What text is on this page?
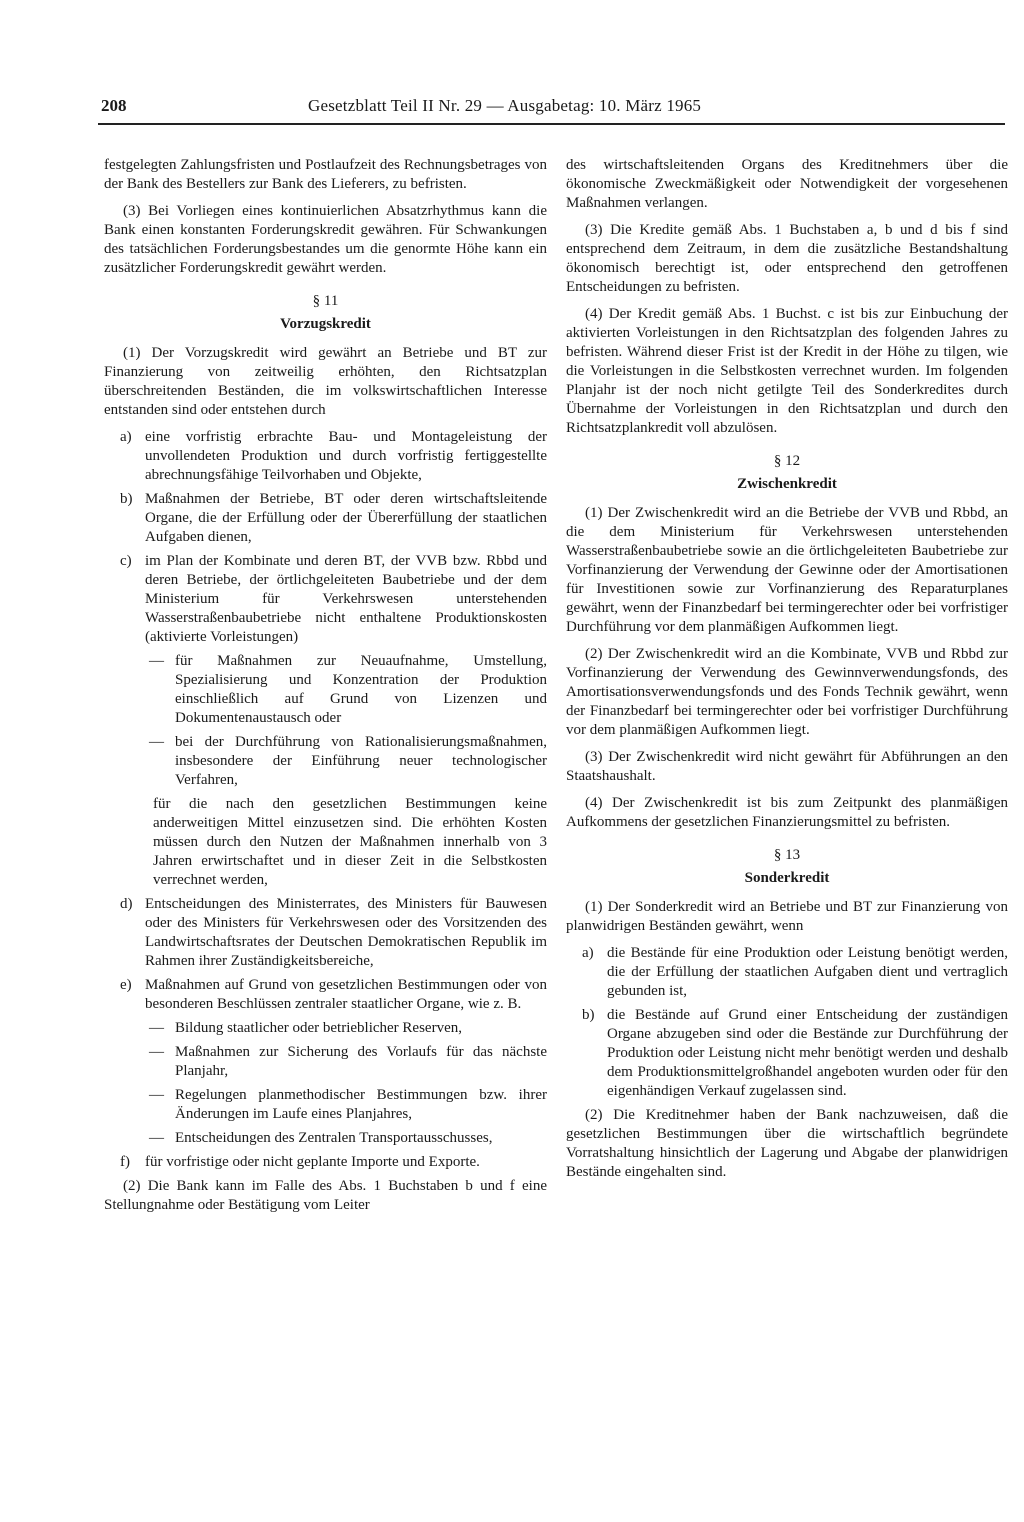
208	Gesetzblatt Teil II Nr. 29 — Ausgabetag: 10. März 1965

festgelegten Zahlungsfristen und Postlaufzeit des Rechnungsbetrages von der Bank des Bestellers zur Bank des Lieferers, zu befristen.

(3) Bei Vorliegen eines kontinuierlichen Absatzrhythmus kann die Bank einen konstanten Forderungskredit gewähren. Für Schwankungen des tatsächlichen Forderungsbestandes um die genormte Höhe kann ein zusätzlicher Forderungskredit gewährt werden.

§ 11
Vorzugskredit

(1) Der Vorzugskredit wird gewährt an Betriebe und BT zur Finanzierung von zeitweilig erhöhten, den Richtsatzplan überschreitenden Beständen, die im volkswirtschaftlichen Interesse entstanden sind oder entstehen durch

a) eine vorfristig erbrachte Bau- und Montageleistung der unvollendeten Produktion und durch vorfristig fertiggestellte abrechnungsfähige Teilvorhaben und Objekte,
b) Maßnahmen der Betriebe, BT oder deren wirtschaftsleitende Organe, die der Erfüllung oder der Übererfüllung der staatlichen Aufgaben dienen,
c) im Plan der Kombinate und deren BT, der VVB bzw. Rbbd und deren Betriebe, der örtlichgeleiteten Baubetriebe und der dem Ministerium für Verkehrswesen unterstehenden Wasserstraßenbaubetriebe nicht enthaltene Produktionskosten (aktivierte Vorleistungen)
— für Maßnahmen zur Neuaufnahme, Umstellung, Spezialisierung und Konzentration der Produktion einschließlich auf Grund von Lizenzen und Dokumentenaustausch oder
— bei der Durchführung von Rationalisierungsmaßnahmen, insbesondere der Einführung neuer technologischer Verfahren,
für die nach den gesetzlichen Bestimmungen keine anderweitigen Mittel einzusetzen sind. Die erhöhten Kosten müssen durch den Nutzen der Maßnahmen innerhalb von 3 Jahren erwirtschaftet und in dieser Zeit in die Selbstkosten verrechnet werden,
d) Entscheidungen des Ministerrates, des Ministers für Bauwesen oder des Ministers für Verkehrswesen oder des Vorsitzenden des Landwirtschaftsrates der Deutschen Demokratischen Republik im Rahmen ihrer Zuständigkeitsbereiche,
e) Maßnahmen auf Grund von gesetzlichen Bestimmungen oder von besonderen Beschlüssen zentraler staatlicher Organe, wie z. B.
— Bildung staatlicher oder betrieblicher Reserven,
— Maßnahmen zur Sicherung des Vorlaufs für das nächste Planjahr,
— Regelungen planmethodischer Bestimmungen bzw. ihrer Änderungen im Laufe eines Planjahres,
— Entscheidungen des Zentralen Transportausschusses,
f)	für vorfristige oder nicht geplante Importe und Exporte.

(2) Die Bank kann im Falle des Abs. 1 Buchstaben b und f eine Stellungnahme oder Bestätigung vom Leiter

des wirtschaftsleitenden Organs des Kreditnehmers über die ökonomische Zweckmäßigkeit oder Notwendigkeit der vorgesehenen Maßnahmen verlangen.

(3) Die Kredite gemäß Abs. 1 Buchstaben a, b und d bis f sind entsprechend dem Zeitraum, in dem die zusätzliche Bestandshaltung ökonomisch berechtigt ist, oder entsprechend den getroffenen Entscheidungen zu befristen.

(4) Der Kredit gemäß Abs. 1 Buchst. c ist bis zur Einbuchung der aktivierten Vorleistungen in den Richtsatzplan des folgenden Jahres zu befristen. Während dieser Frist ist der Kredit in der Höhe zu tilgen, wie die Vorleistungen in die Selbstkosten verrechnet wurden. Im folgenden Planjahr ist der noch nicht getilgte Teil des Sonderkredites durch Übernahme der Vorleistungen in den Richtsatzplan und durch den Richtsatzplankredit voll abzulösen.

§ 12
Zwischenkredit

(1) Der Zwischenkredit wird an die Betriebe der VVB und Rbbd, an die dem Ministerium für Verkehrswesen unterstehenden Wasserstraßenbaubetriebe sowie an die örtlichgeleiteten Baubetriebe zur Vorfinanzierung der Verwendung der Gewinne oder der Amortisationen für Investitionen sowie zur Vorfinanzierung des Reparaturplanes gewährt, wenn der Finanzbedarf bei termingerechter oder bei vorfristiger Durchführung vor dem planmäßigen Aufkommen liegt.

(2) Der Zwischenkredit wird an die Kombinate, VVB und Rbbd zur Vorfinanzierung der Verwendung des Gewinnverwendungsfonds, des Amortisationsverwendungsfonds und des Fonds Technik gewährt, wenn der Finanzbedarf bei termingerechter oder bei vorfristiger Durchführung vor dem planmäßigen Aufkommen liegt.

(3) Der Zwischenkredit wird nicht gewährt für Abführungen an den Staatshaushalt.

(4) Der Zwischenkredit ist bis zum Zeitpunkt des planmäßigen Aufkommens der gesetzlichen Finanzierungsmittel zu befristen.

§ 13
Sonderkredit

(1) Der Sonderkredit wird an Betriebe und BT zur Finanzierung von planwidrigen Beständen gewährt, wenn

a) die Bestände für eine Produktion oder Leistung benötigt werden, die der Erfüllung der staatlichen Aufgaben dient und vertraglich gebunden ist,
b) die Bestände auf Grund einer Entscheidung der zuständigen Organe abzugeben sind oder die Bestände zur Durchführung der Produktion oder Leistung nicht mehr benötigt werden und deshalb dem Produktionsmittelgroßhandel angeboten wurden oder für den eigenhändigen Verkauf zugelassen sind.

(2) Die Kreditnehmer haben der Bank nachzuweisen, daß die gesetzlichen Bestimmungen über die wirtschaftlich begründete Vorratshaltung hinsichtlich der Lagerung und Abgabe der planwidrigen Bestände eingehalten sind.
